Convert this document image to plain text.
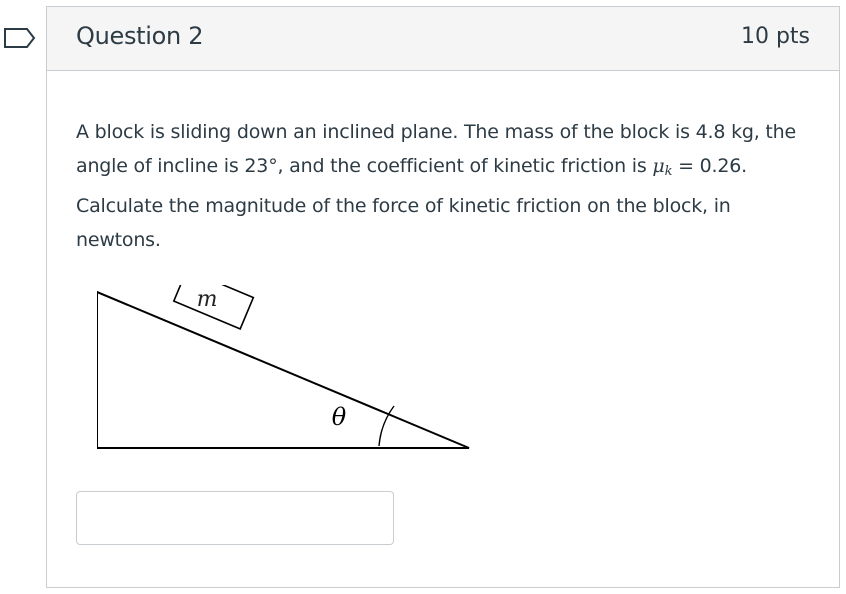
Question 2	10 pts

A block is sliding down an inclined plane. The mass of the block is 4.8 kg, the angle of incline is 23°, and the coefficient of kinetic friction is μk = 0.26. Calculate the magnitude of the force of kinetic friction on the block, in newtons.

m
θ
